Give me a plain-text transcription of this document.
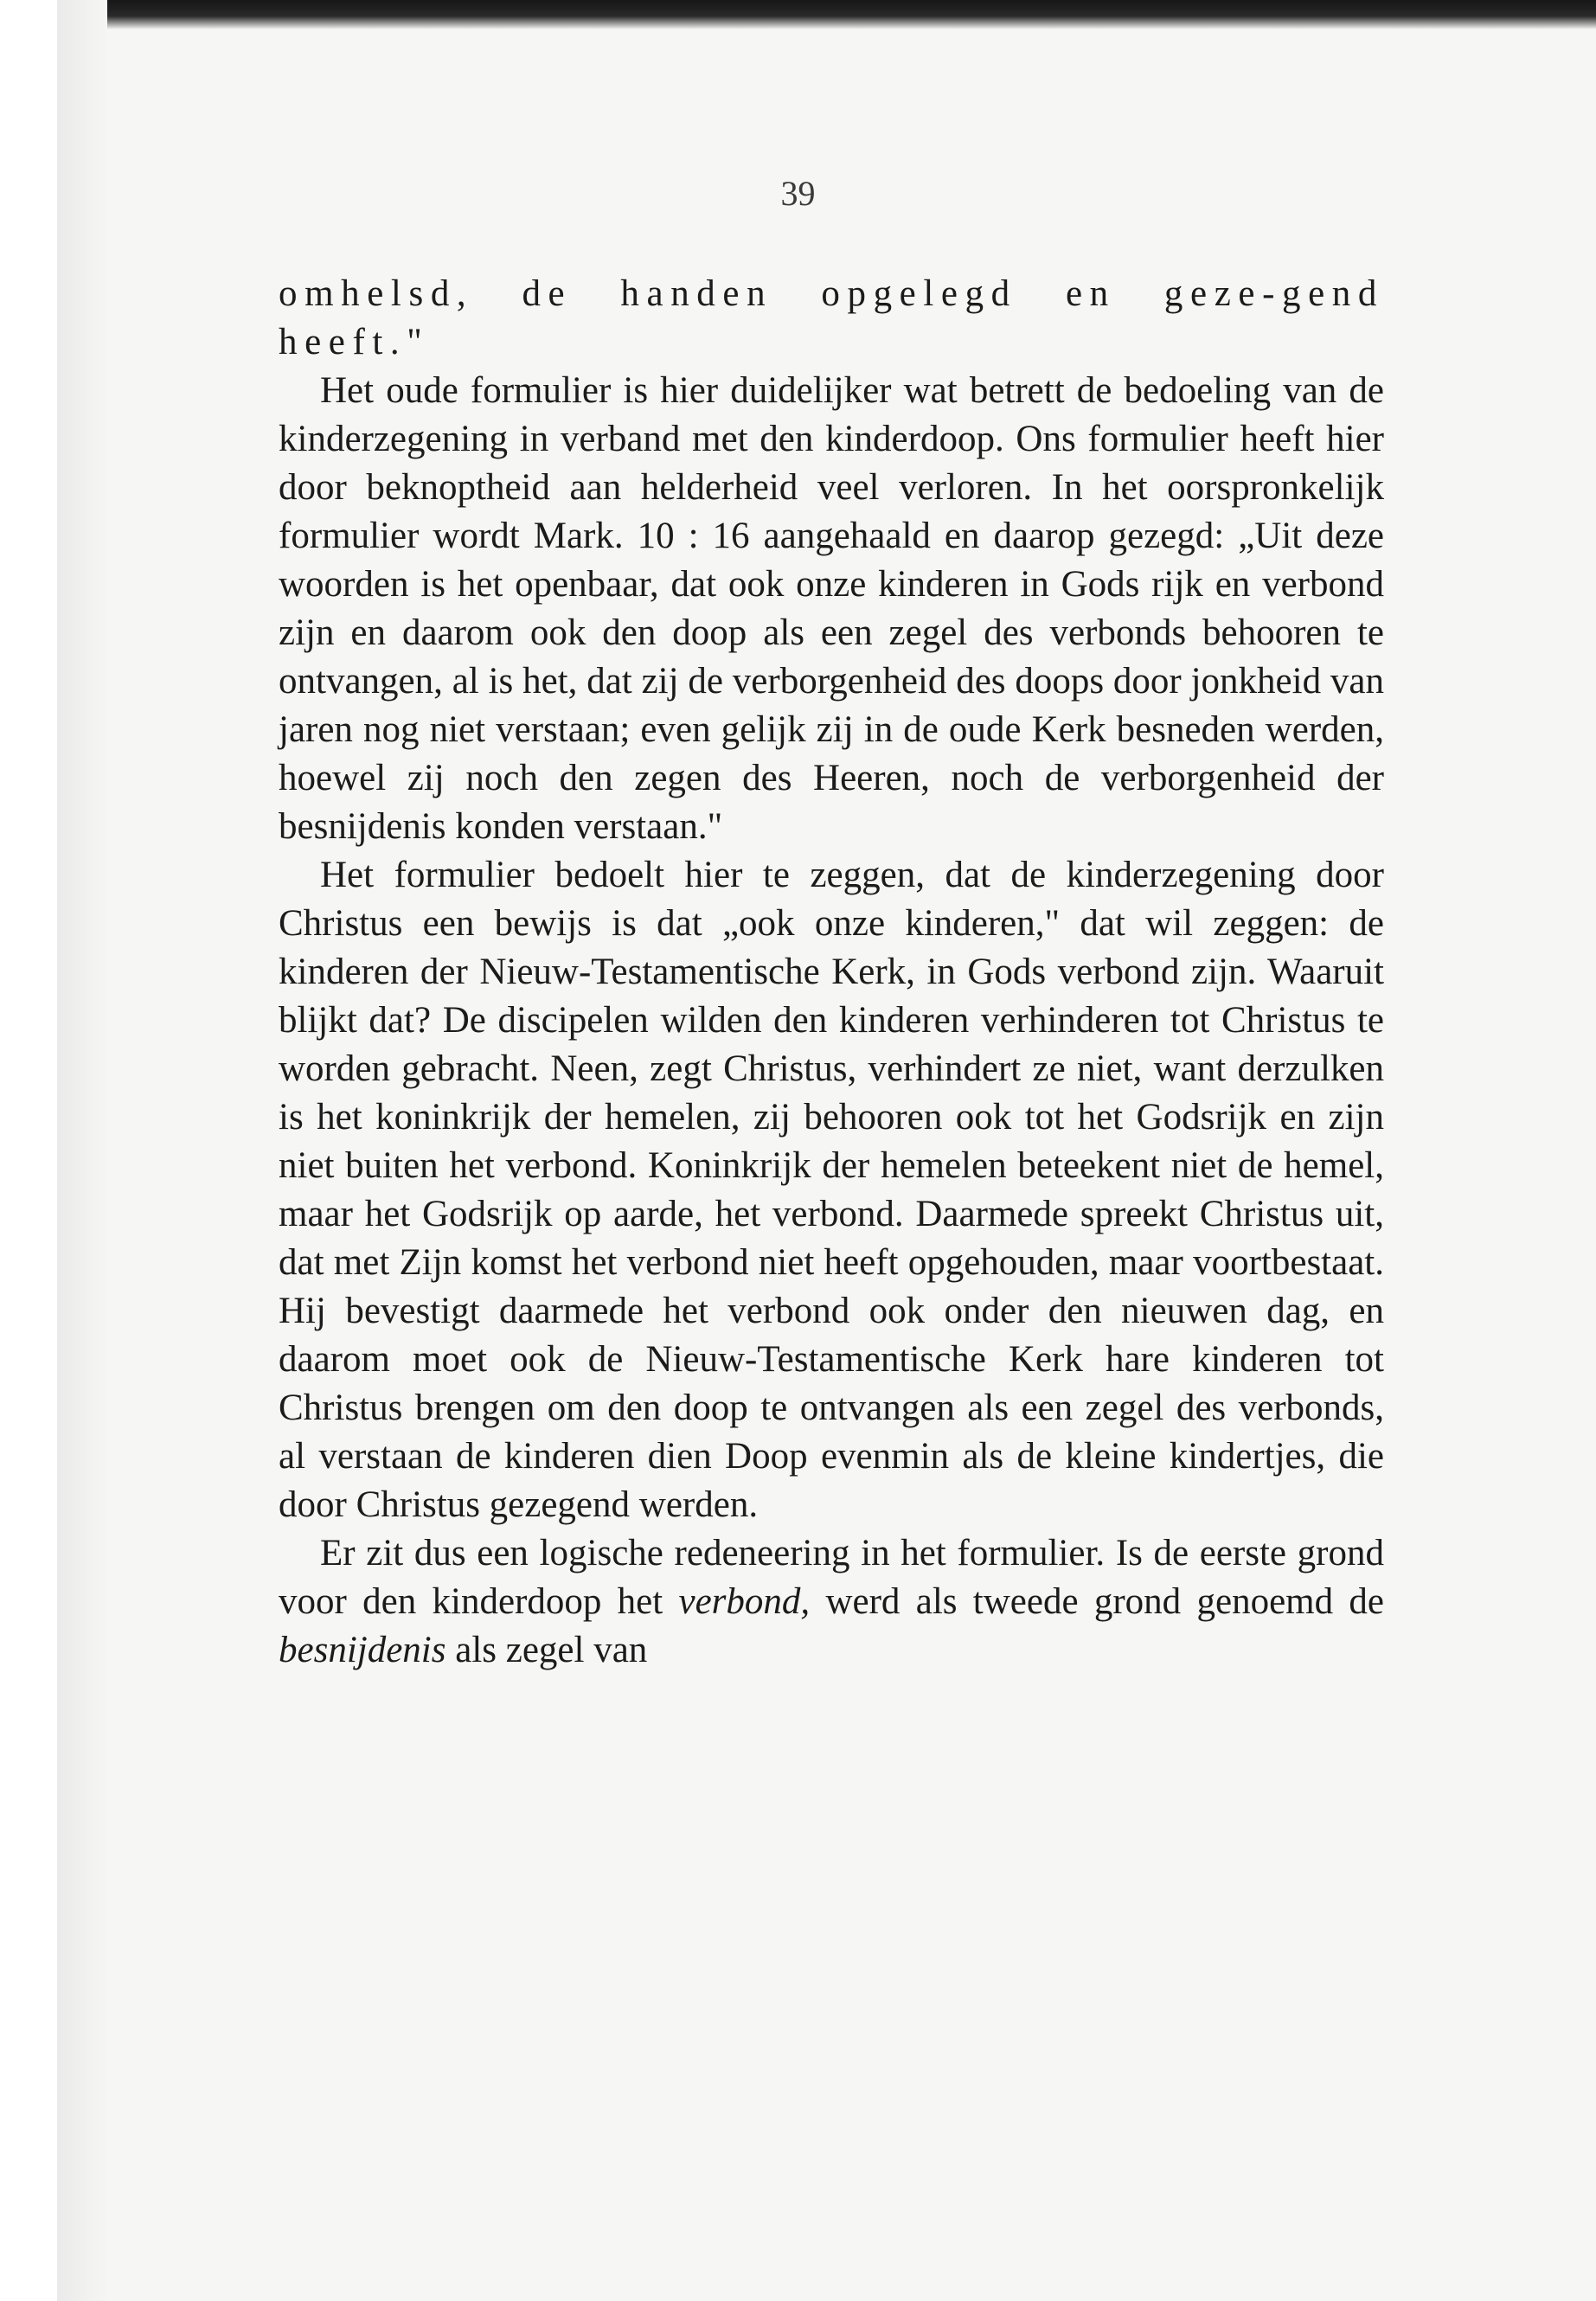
39

omhelsd, de handen opgelegd en geze-gend heeft."

Het oude formulier is hier duidelijker wat betrett de bedoeling van de kinderzegening in verband met den kinderdoop. Ons formulier heeft hier door beknoptheid aan helderheid veel verloren. In het oorspronkelijk formulier wordt Mark. 10 : 16 aangehaald en daarop gezegd: „Uit deze woorden is het openbaar, dat ook onze kinderen in Gods rijk en verbond zijn en daarom ook den doop als een zegel des verbonds behooren te ontvangen, al is het, dat zij de verborgenheid des doops door jonkheid van jaren nog niet verstaan; even gelijk zij in de oude Kerk besneden werden, hoewel zij noch den zegen des Heeren, noch de verborgenheid der besnijdenis konden verstaan."

Het formulier bedoelt hier te zeggen, dat de kinderzegening door Christus een bewijs is dat „ook onze kinderen," dat wil zeggen: de kinderen der Nieuw-Testamentische Kerk, in Gods verbond zijn. Waaruit blijkt dat? De discipelen wilden den kinderen verhinderen tot Christus te worden gebracht. Neen, zegt Christus, verhindert ze niet, want derzulken is het koninkrijk der hemelen, zij behooren ook tot het Godsrijk en zijn niet buiten het verbond. Koninkrijk der hemelen beteekent niet de hemel, maar het Godsrijk op aarde, het verbond. Daarmede spreekt Christus uit, dat met Zijn komst het verbond niet heeft opgehouden, maar voortbestaat. Hij bevestigt daarmede het verbond ook onder den nieuwen dag, en daarom moet ook de Nieuw-Testamentische Kerk hare kinderen tot Christus brengen om den doop te ontvangen als een zegel des verbonds, al verstaan de kinderen dien Doop evenmin als de kleine kindertjes, die door Christus gezegend werden.

Er zit dus een logische redeneering in het formulier. Is de eerste grond voor den kinderdoop het verbond, werd als tweede grond genoemd de besnijdenis als zegel van
